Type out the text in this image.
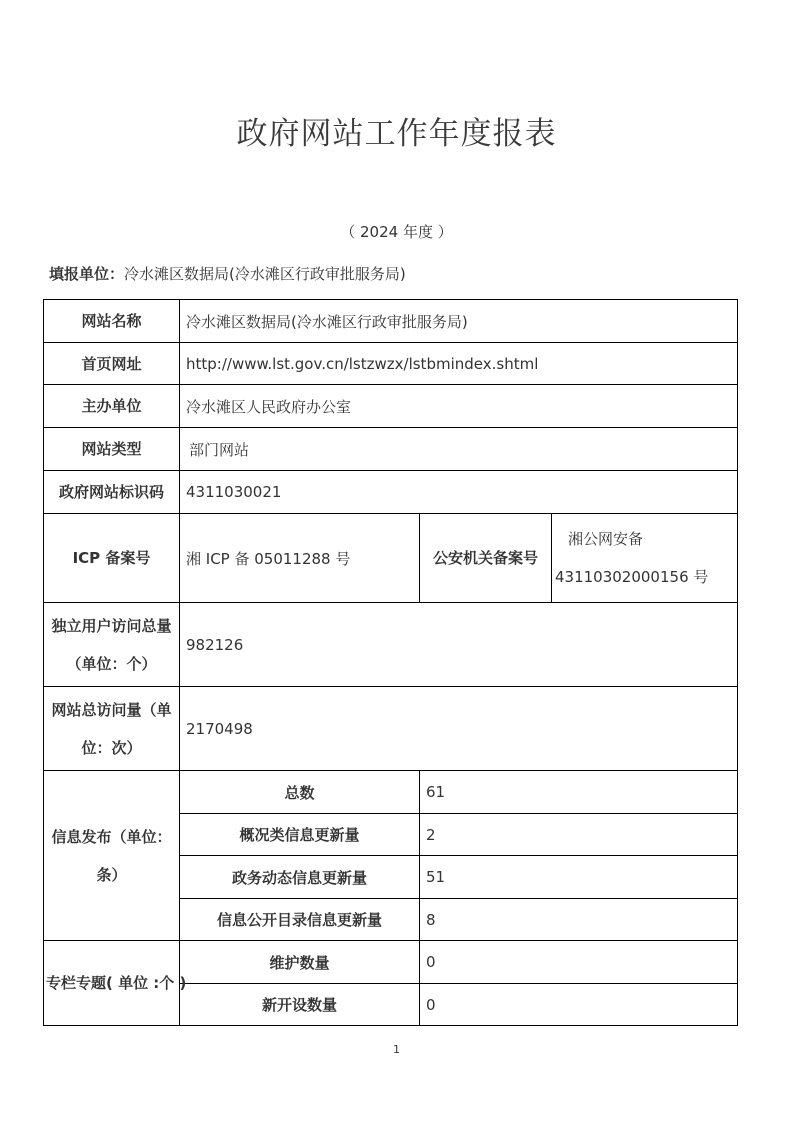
政府网站工作年度报表
（ 2024 年度 ）
填报单位：冷水滩区数据局(冷水滩区行政审批服务局)
网站名称	冷水滩区数据局(冷水滩区行政审批服务局)		
首页网址	http://www.lst.gov.cn/lstzwzx/lstbmindex.shtml		
主办单位	冷水滩区人民政府办公室		
网站类型	部门网站		
政府网站标识码	4311030021		
ICP 备案号	湘 ICP 备 05011288 号	公安机关备案号	湘公网安备
43110302000156 号

独立用户访问总量
（单位：个）	982126		

网站总访问量（单
位：次）	2170498		

信息发布（单位：
条）	总数	61	
	概况类信息更新量	2	
	政务动态信息更新量	51	
	信息公开目录信息更新量	8	
专栏专题( 单位 :个 )	维护数量	0	
	新开设数量	0	
1
